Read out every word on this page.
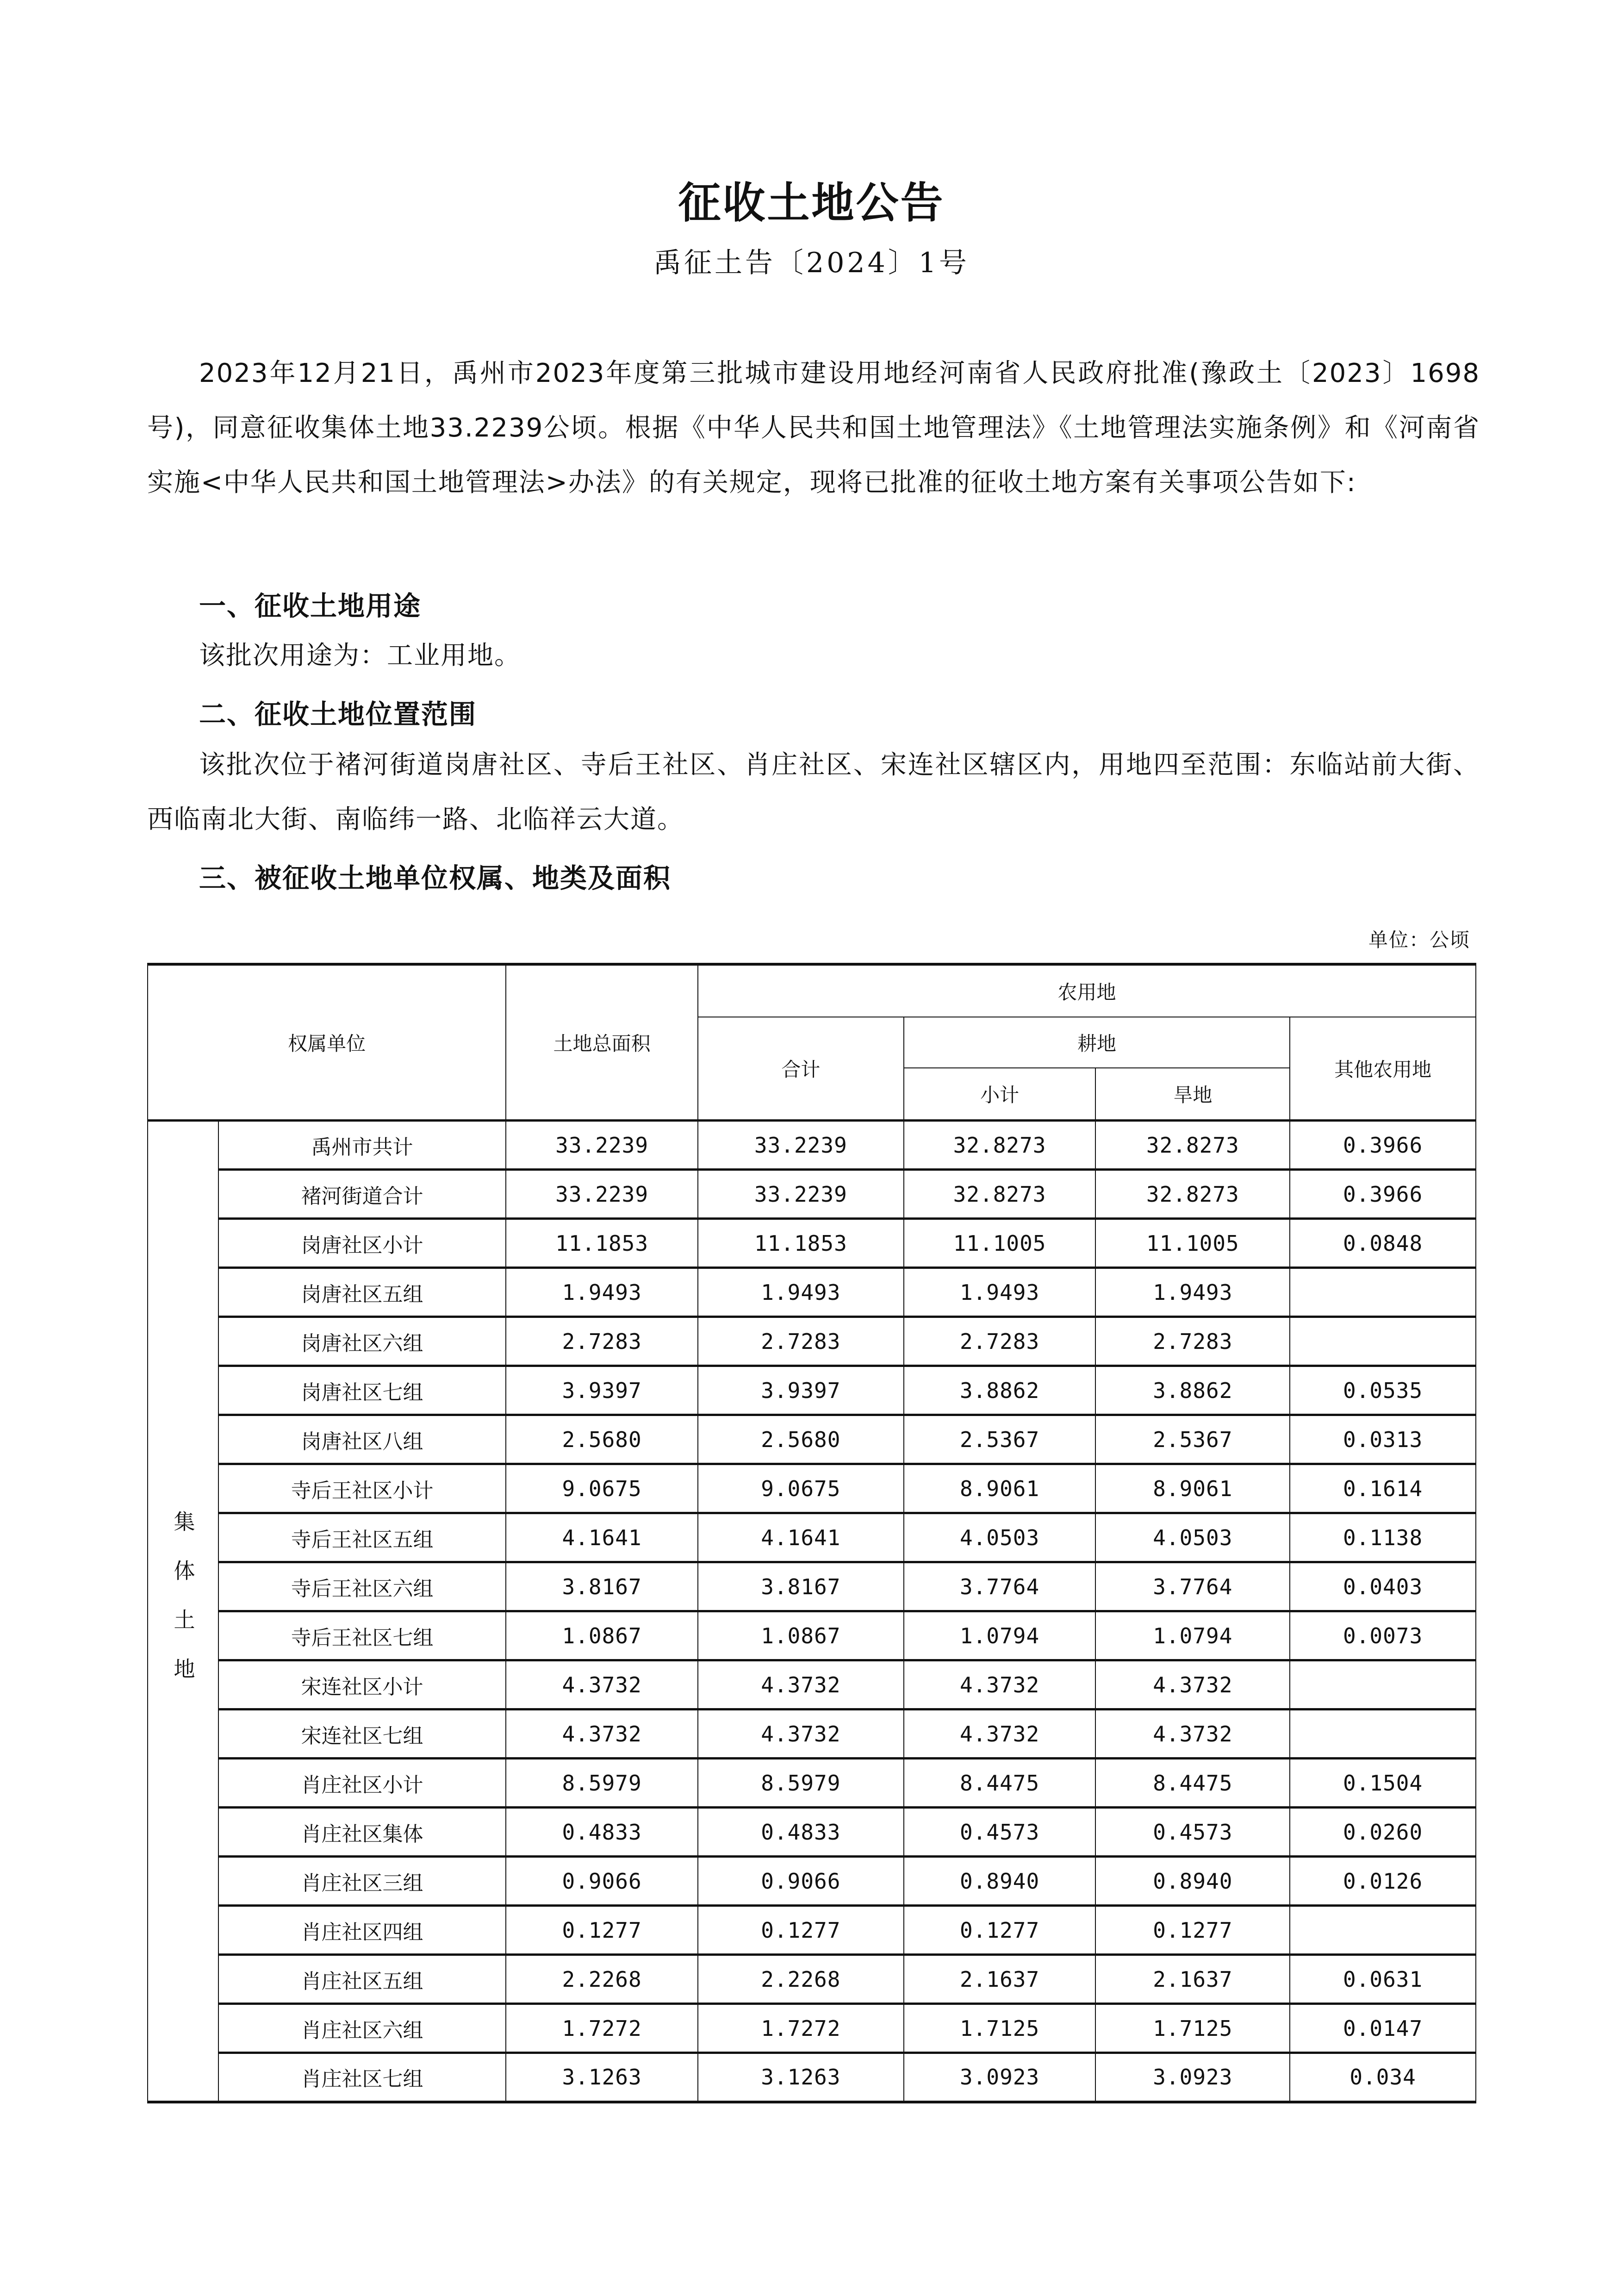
征收土地公告
禹征土告〔2024〕1号
2023年12月21日，禹州市2023年度第三批城市建设用地经河南省人民政府批准(豫政土〔2023〕1698号)，同意征收集体土地33.2239公顷。根据《中华人民共和国土地管理法》《土地管理法实施条例》和《河南省实施<中华人民共和国土地管理法>办法》的有关规定，现将已批准的征收土地方案有关事项公告如下:
一、征收土地用途
该批次用途为：工业用地。
二、征收土地位置范围
该批次位于褚河街道岗唐社区、寺后王社区、肖庄社区、宋连社区辖区内，用地四至范围：东临站前大街、西临南北大街、南临纬一路、北临祥云大道。
三、被征收土地单位权属、地类及面积
单位：公顷
权属单位		土地总面积	农用地			
			合计	耕地		其他农用地
				小计	旱地	
集体土地	禹州市共计	33.2239	33.2239	32.8273	32.8273	0.3966
	褚河街道合计	33.2239	33.2239	32.8273	32.8273	0.3966
	岗唐社区小计	11.1853	11.1853	11.1005	11.1005	0.0848
	岗唐社区五组	1.9493	1.9493	1.9493	1.9493	
	岗唐社区六组	2.7283	2.7283	2.7283	2.7283	
	岗唐社区七组	3.9397	3.9397	3.8862	3.8862	0.0535
	岗唐社区八组	2.5680	2.5680	2.5367	2.5367	0.0313
	寺后王社区小计	9.0675	9.0675	8.9061	8.9061	0.1614
	寺后王社区五组	4.1641	4.1641	4.0503	4.0503	0.1138
	寺后王社区六组	3.8167	3.8167	3.7764	3.7764	0.0403
	寺后王社区七组	1.0867	1.0867	1.0794	1.0794	0.0073
	宋连社区小计	4.3732	4.3732	4.3732	4.3732	
	宋连社区七组	4.3732	4.3732	4.3732	4.3732	
	肖庄社区小计	8.5979	8.5979	8.4475	8.4475	0.1504
	肖庄社区集体	0.4833	0.4833	0.4573	0.4573	0.0260
	肖庄社区三组	0.9066	0.9066	0.8940	0.8940	0.0126
	肖庄社区四组	0.1277	0.1277	0.1277	0.1277	
	肖庄社区五组	2.2268	2.2268	2.1637	2.1637	0.0631
	肖庄社区六组	1.7272	1.7272	1.7125	1.7125	0.0147
	肖庄社区七组	3.1263	3.1263	3.0923	3.0923	0.034
